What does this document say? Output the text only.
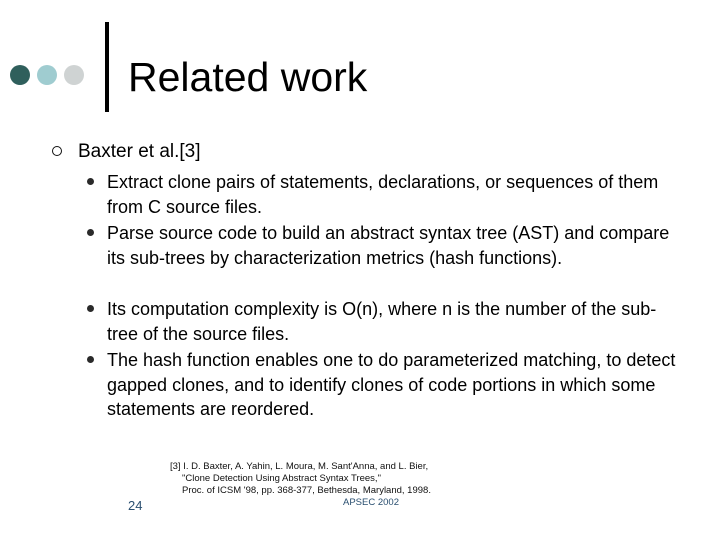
Related work
Baxter et al.[3]
Extract clone pairs of statements, declarations, or sequences of them from C source files.
Parse source code to build an abstract syntax tree (AST) and compare its sub-trees by characterization metrics (hash functions).
Its computation complexity is O(n), where n is the number of the sub-tree of the source files.
The hash function enables one to do parameterized matching, to detect gapped clones, and to identify clones of code portions in which some statements are reordered.
[3] I. D. Baxter, A. Yahin, L. Moura, M. Sant'Anna, and L. Bier,
"Clone Detection Using Abstract Syntax Trees,"
Proc. of ICSM '98, pp. 368-377, Bethesda, Maryland, 1998.
24	APSEC 2002
